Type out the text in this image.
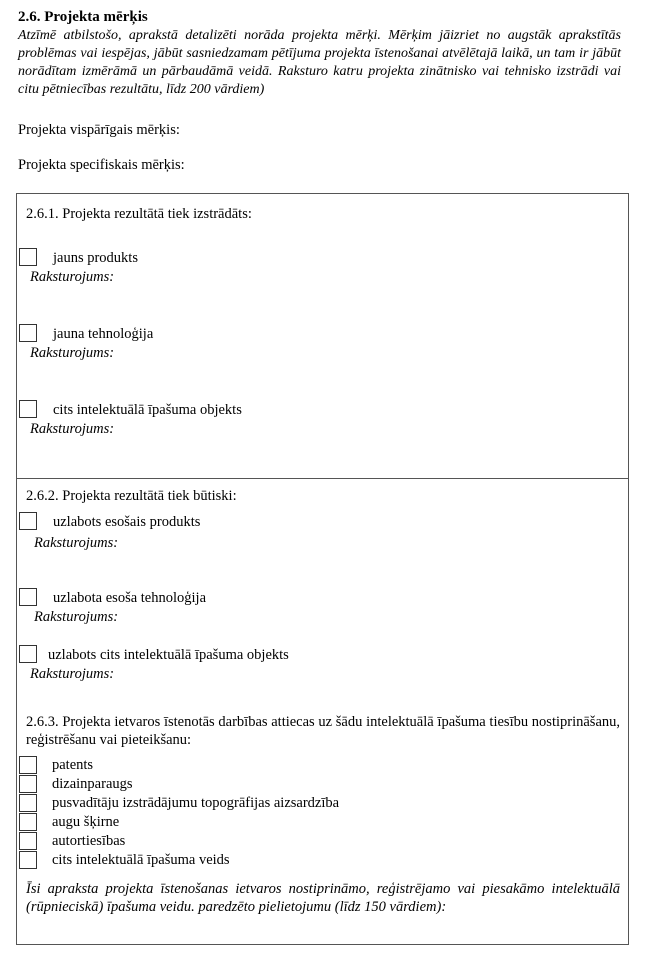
2.6. Projekta mērķis
Atzīmē atbilstošo, aprakstā detalizēti norāda projekta mērķi. Mērķim jāizriet no augstāk aprakstītās problēmas vai iespējas, jābūt sasniedzamam pētījuma projekta īstenošanai atvēlētajā laikā, un tam ir jābūt norādītam izmērāmā un pārbaudāmā veidā. Raksturo katru projekta zinātnisko vai tehnisko izstrādi vai citu pētniecības rezultātu, līdz 200 vārdiem)
Projekta vispārīgais mērķis:
Projekta specifiskais mērķis:
2.6.1. Projekta rezultātā tiek izstrādāts:
jauns produkts
Raksturojums:
jauna tehnoloģija
Raksturojums:
cits intelektuālā īpašuma objekts
Raksturojums:
2.6.2. Projekta rezultātā tiek būtiski:
uzlabots esošais produkts
Raksturojums:
uzlabota esoša tehnoloģija
Raksturojums:
uzlabots cits intelektuālā īpašuma objekts
Raksturojums:
2.6.3. Projekta ietvaros īstenotās darbības attiecas uz šādu intelektuālā īpašuma tiesību nostiprināšanu, reģistrēšanu vai pieteikšanu:
patents
dizainparaugs
pusvadītāju izstrādājumu topogrāfijas aizsardzība
augu šķirne
autortiesības
cits intelektuālā īpašuma veids
Īsi apraksta projekta īstenošanas ietvaros nostiprināmo, reģistrējamo vai piesakāmo intelektuālā (rūpnieciskā) īpašuma veidu. paredzēto pielietojumu (līdz 150 vārdiem):
